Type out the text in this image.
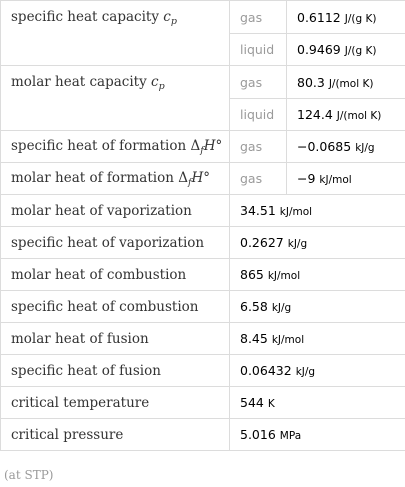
specific heat capacity $c_p$	gas	0.6112 J/(g K)
	liquid	0.9469 J/(g K)
molar heat capacity $c_p$	gas	80.3 J/(mol K)
	liquid	124.4 J/(mol K)
specific heat of formation $\Delta_fH^\circ$	gas	−0.0685 kJ/g
molar heat of formation $\Delta_fH^\circ$	gas	−9 kJ/mol
molar heat of vaporization	34.51 kJ/mol	
specific heat of vaporization	0.2627 kJ/g	
molar heat of combustion	865 kJ/mol	
specific heat of combustion	6.58 kJ/g	
molar heat of fusion	8.45 kJ/mol	
specific heat of fusion	0.06432 kJ/g	
critical temperature	544 K	
critical pressure	5.016 MPa	
(at STP)
